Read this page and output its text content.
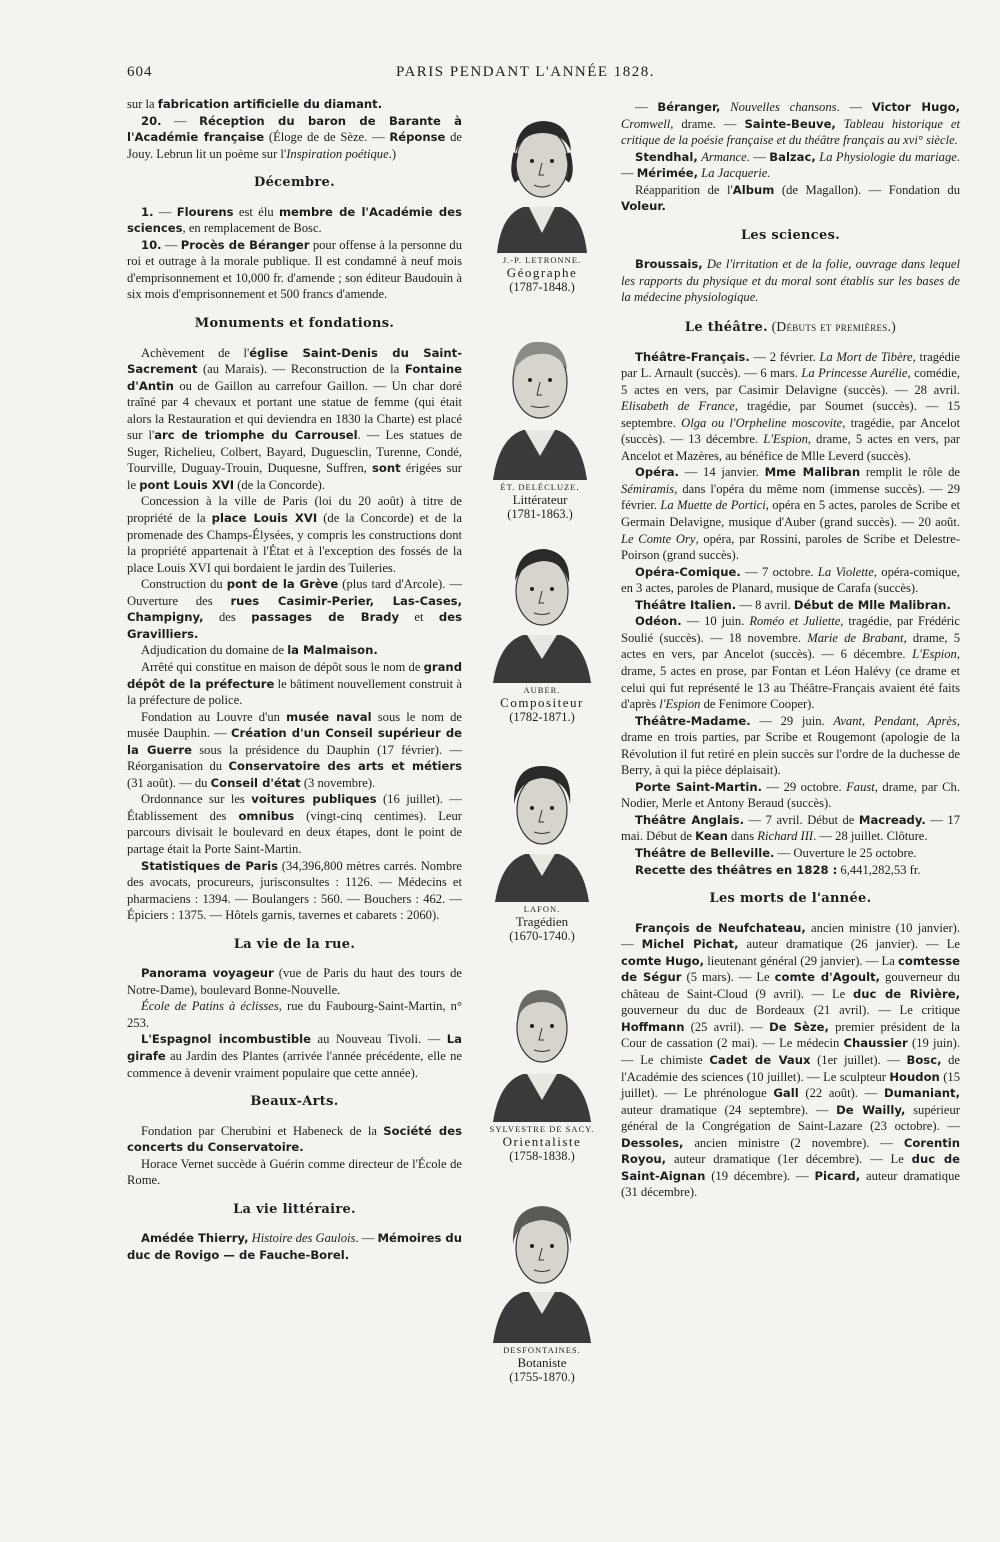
604	PARIS PENDANT L'ANNÉE 1828.

sur la fabrication artificielle du diamant.

20. — Réception du baron de Barante à l'Académie française (Éloge de de Sèze. — Réponse de Jouy. Lebrun lit un poème sur l'Inspiration poétique.)

Décembre.

1. — Flourens est élu membre de l'Académie des sciences, en remplacement de Bosc.

10. — Procès de Béranger pour offense à la personne du roi et outrage à la morale publique. Il est condamné à neuf mois d'emprisonnement et 10,000 fr. d'amende ; son éditeur Baudouin à six mois d'emprisonnement et 500 francs d'amende.

Monuments et fondations.

Achèvement de l'église Saint-Denis du Saint-Sacrement (au Marais). — Reconstruction de la Fontaine d'Antin ou de Gaillon au carrefour Gaillon. — Un char doré traîné par 4 chevaux et portant une statue de femme (qui était alors la Restauration et qui deviendra en 1830 la Charte) est placé sur l'arc de triomphe du Carrousel. — Les statues de Suger, Richelieu, Colbert, Bayard, Duguesclin, Turenne, Condé, Tourville, Duguay-Trouin, Duquesne, Suffren, sont érigées sur le pont Louis XVI (de la Concorde).

Concession à la ville de Paris (loi du 20 août) à titre de propriété de la place Louis XVI (de la Concorde) et de la promenade des Champs-Élysées, y compris les constructions dont la propriété appartenait à l'État et à l'exception des fossés de la place Louis XVI qui bordaient le jardin des Tuileries.

Construction du pont de la Grève (plus tard d'Arcole). — Ouverture des rues Casimir-Perier, Las-Cases, Champigny, des passages de Brady et des Gravilliers.

Adjudication du domaine de la Malmaison.

Arrêté qui constitue en maison de dépôt sous le nom de grand dépôt de la préfecture le bâtiment nouvellement construit à la préfecture de police.

Fondation au Louvre d'un musée naval sous le nom de musée Dauphin. — Création d'un Conseil supérieur de la Guerre sous la présidence du Dauphin (17 février). — Réorganisation du Conservatoire des arts et métiers (31 août). — du Conseil d'état (3 novembre).

Ordonnance sur les voitures publiques (16 juillet). — Établissement des omnibus (vingt-cinq centimes). Leur parcours divisait le boulevard en deux étapes, dont le point de partage était la Porte Saint-Martin.

Statistiques de Paris (34,396,800 mètres carrés. Nombre des avocats, procureurs, jurisconsultes : 1126. — Médecins et pharmaciens : 1394. — Boulangers : 560. — Bouchers : 462. — Épiciers : 1375. — Hôtels garnis, tavernes et cabarets : 2060).

La vie de la rue.

Panorama voyageur (vue de Paris du haut des tours de Notre-Dame), boulevard Bonne-Nouvelle.

École de Patins à éclisses, rue du Faubourg-Saint-Martin, n° 253.

L'Espagnol incombustible au Nouveau Tivoli. — La girafe au Jardin des Plantes (arrivée l'année précédente, elle ne commence à devenir vraiment populaire que cette année).

Beaux-Arts.

Fondation par Cherubini et Habeneck de la Société des concerts du Conservatoire.

Horace Vernet succède à Guérin comme directeur de l'École de Rome.

La vie littéraire.

Amédée Thierry, Histoire des Gaulois. — Mémoires du duc de Rovigo — de Fauche-Borel.

J.-P. LETRONNE.
Géographe
(1787-1848.)
ÉT. DELÉCLUZE.
Littérateur
(1781-1863.)
AUBER.
Compositeur
(1782-1871.)
LAFON.
Tragédien
(1670-1740.)
SYLVESTRE DE SACY.
Orientaliste
(1758-1838.)
DESFONTAINES.
Botaniste
(1755-1870.)

— Béranger, Nouvelles chansons. — Victor Hugo, Cromwell, drame. — Sainte-Beuve, Tableau historique et critique de la poésie française et du théâtre français au xvi° siècle.

Stendhal, Armance. — Balzac, La Physiologie du mariage. — Mérimée, La Jacquerie.

Réapparition de l'Album (de Magallon). — Fondation du Voleur.

Les sciences.

Broussais, De l'irritation et de la folie, ouvrage dans lequel les rapports du physique et du moral sont établis sur les bases de la médecine physiologique.

Le théâtre. (Débuts et premières.)

Théâtre-Français. — 2 février. La Mort de Tibère, tragédie par L. Arnault (succès). — 6 mars. La Princesse Aurélie, comédie, 5 actes en vers, par Casimir Delavigne (succès). — 28 avril. Elisabeth de France, tragédie, par Soumet (succès). — 15 septembre. Olga ou l'Orpheline moscovite, tragédie, par Ancelot (succès). — 13 décembre. L'Espion, drame, 5 actes en vers, par Ancelot et Mazères, au bénéfice de Mlle Leverd (succès).

Opéra. — 14 janvier. Mme Malibran remplit le rôle de Sémiramis, dans l'opéra du même nom (immense succès). — 29 février. La Muette de Portici, opéra en 5 actes, paroles de Scribe et Germain Delavigne, musique d'Auber (grand succès). — 20 août. Le Comte Ory, opéra, par Rossini, paroles de Scribe et Delestre-Poirson (grand succès).

Opéra-Comique. — 7 octobre. La Violette, opéra-comique, en 3 actes, paroles de Planard, musique de Carafa (succès).

Théâtre Italien. — 8 avril. Début de Mlle Malibran.

Odéon. — 10 juin. Roméo et Juliette, tragédie, par Frédéric Soulié (succès). — 18 novembre. Marie de Brabant, drame, 5 actes en vers, par Ancelot (succès). — 6 décembre. L'Espion, drame, 5 actes en prose, par Fontan et Léon Halévy (ce drame et celui qui fut représenté le 13 au Théâtre-Français avaient été faits d'après l'Espion de Fenimore Cooper).

Théâtre-Madame. — 29 juin. Avant, Pendant, Après, drame en trois parties, par Scribe et Rougemont (apologie de la Révolution il fut retiré en plein succès sur l'ordre de la duchesse de Berry, à qui la pièce déplaisait).

Porte Saint-Martin. — 29 octobre. Faust, drame, par Ch. Nodier, Merle et Antony Beraud (succès).

Théâtre Anglais. — 7 avril. Début de Macready. — 17 mai. Début de Kean dans Richard III. — 28 juillet. Clôture.

Théâtre de Belleville. — Ouverture le 25 octobre.

Recette des théâtres en 1828 : 6,441,282,53 fr.

Les morts de l'année.

François de Neufchateau, ancien ministre (10 janvier). — Michel Pichat, auteur dramatique (26 janvier). — Le comte Hugo, lieutenant général (29 janvier). — La comtesse de Ségur (5 mars). — Le comte d'Agoult, gouverneur du château de Saint-Cloud (9 avril). — Le duc de Rivière, gouverneur du duc de Bordeaux (21 avril). — Le critique Hoffmann (25 avril). — De Sèze, premier président de la Cour de cassation (2 mai). — Le médecin Chaussier (19 juin). — Le chimiste Cadet de Vaux (1er juillet). — Bosc, de l'Académie des sciences (10 juillet). — Le sculpteur Houdon (15 juillet). — Le phrénologue Gall (22 août). — Dumaniant, auteur dramatique (24 septembre). — De Wailly, supérieur général de la Congrégation de Saint-Lazare (23 octobre). — Dessoles, ancien ministre (2 novembre). — Corentin Royou, auteur dramatique (1er décembre). — Le duc de Saint-Aignan (19 décembre). — Picard, auteur dramatique (31 décembre).
